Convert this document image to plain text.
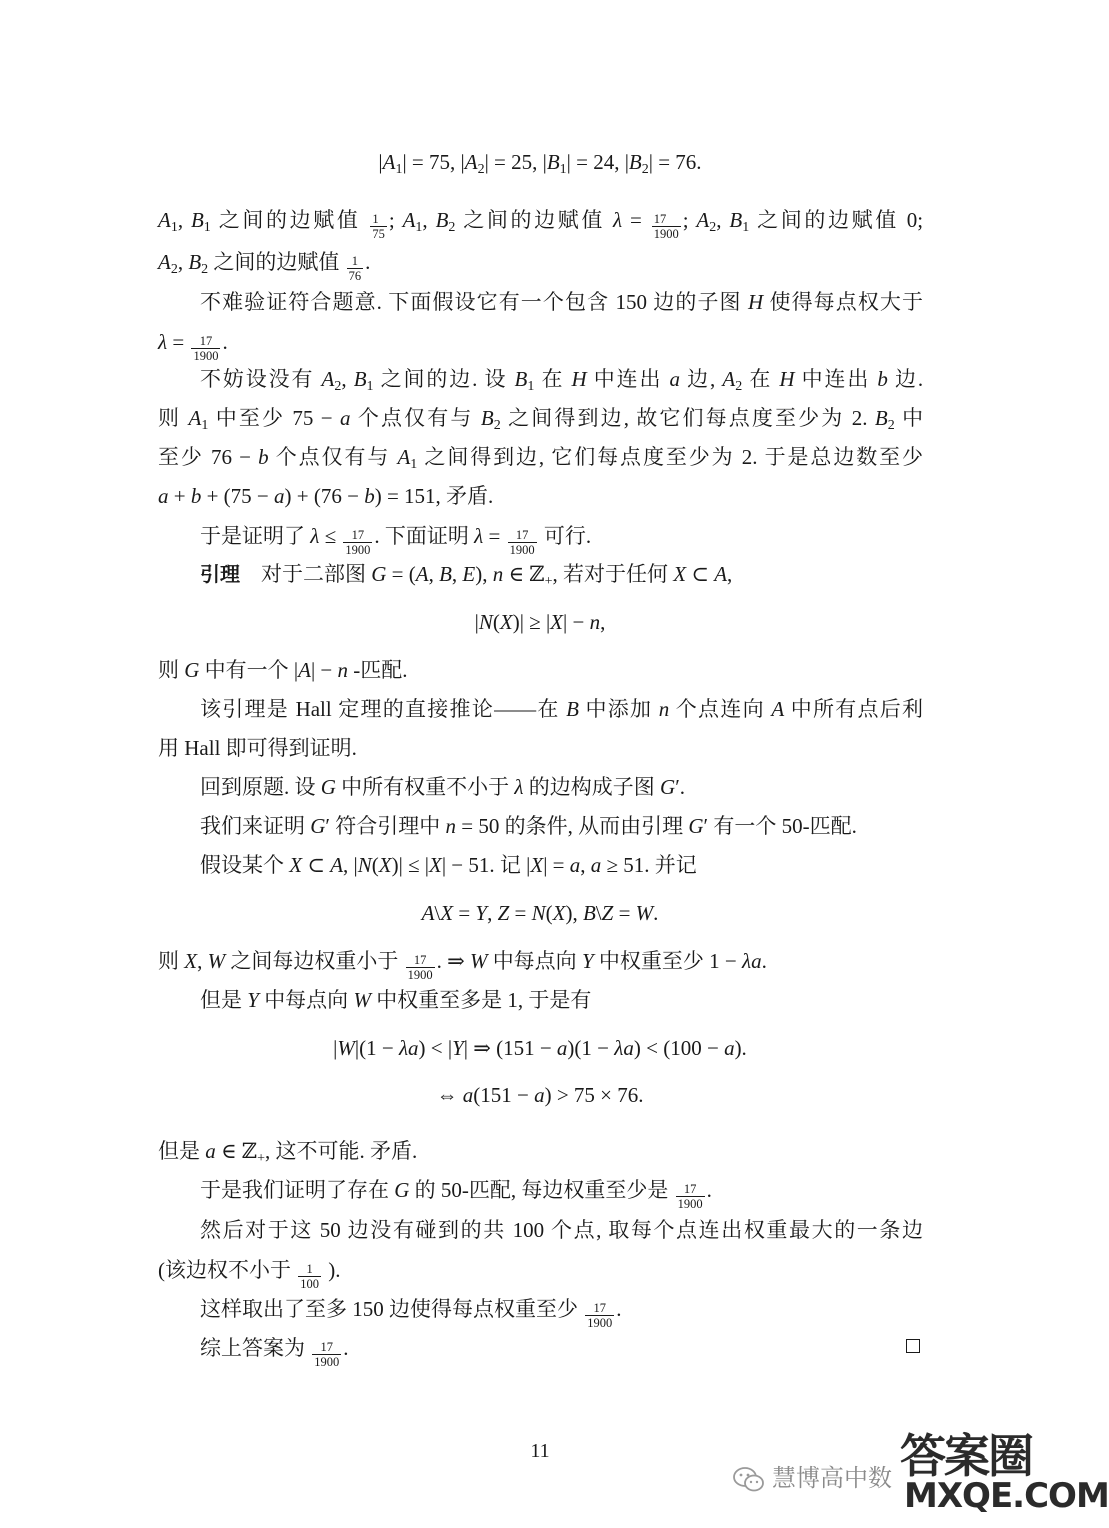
$|A_1| = 75$, $|A_2| = 25$, $|B_1| = 24$, $|B_2| = 76$.
$A_1$, $B_1$ 之间的边赋值 $\frac{1}{75}$ ; $A_1$, $B_2$ 之间的边赋值 $\lambda = \frac{17}{1900}$ ; $A_2$, $B_1$ 之间的边赋值 0;
$A_2$, $B_2$ 之间的边赋值 $\frac{1}{76}$ .
不难验证符合题意. 下面假设它有一个包含 150 边的子图 H 使得每点权大于
$\lambda = \frac{17}{1900}$ .
不妨设没有 $A_2$, $B_1$ 之间的边. 设 $B_1$ 在 H 中连出 a 边, $A_2$ 在 H 中连出 b 边.
则 $A_1$ 中至少 75 − a 个点仅有与 $B_2$ 之间得到边, 故它们每点度至少为 2. $B_2$ 中
至少 76 − b 个点仅有与 $A_1$ 之间得到边, 它们每点度至少为 2. 于是总边数至少
a + b + (75 − a) + (76 − b) = 151, 矛盾.
于是证明了 $\lambda \le \frac{17}{1900}$ . 下面证明 $\lambda = \frac{17}{1900}$ 可行.
引理 对于二部图 G = (A, B, E), n ∈ ℤ$_+$, 若对于任何 X ⊂ A,
|N(X)| ≥ |X| − n,
则 G 中有一个 |A| − n -匹配.
该引理是 Hall 定理的直接推论——在 B 中添加 n 个点连向 A 中所有点后利
用 Hall 即可得到证明.
回到原题. 设 G 中所有权重不小于 λ 的边构成子图 G′.
我们来证明 G′ 符合引理中 n = 50 的条件, 从而由引理 G′ 有一个 50-匹配.
假设某个 X ⊂ A, |N(X)| ≤ |X| − 51. 记 |X| = a, a ≥ 51. 并记
A\X = Y, Z = N(X), B\Z = W.
则 X, W 之间每边权重小于 $\frac{17}{1900}$ . ⇒ W 中每点向 Y 中权重至少 1 − λa.
但是 Y 中每点向 W 中权重至多是 1, 于是有
|W|(1 − λa) < |Y| ⇒ (151 − a)(1 − λa) < (100 − a).
⇔ a(151 − a) > 75 × 76.
但是 a ∈ ℤ$_+$, 这不可能. 矛盾.
于是我们证明了存在 G 的 50-匹配, 每边权重至少是 $\frac{17}{1900}$ .
然后对于这 50 边没有碰到的共 100 个点, 取每个点连出权重最大的一条边
(该边权不小于 $\frac{1}{100}$ ).
这样取出了至多 150 边使得每点权重至少 $\frac{17}{1900}$ .
综上答案为 $\frac{17}{1900}$ .
11
慧博高中数 答案圈
MXQE.COM
